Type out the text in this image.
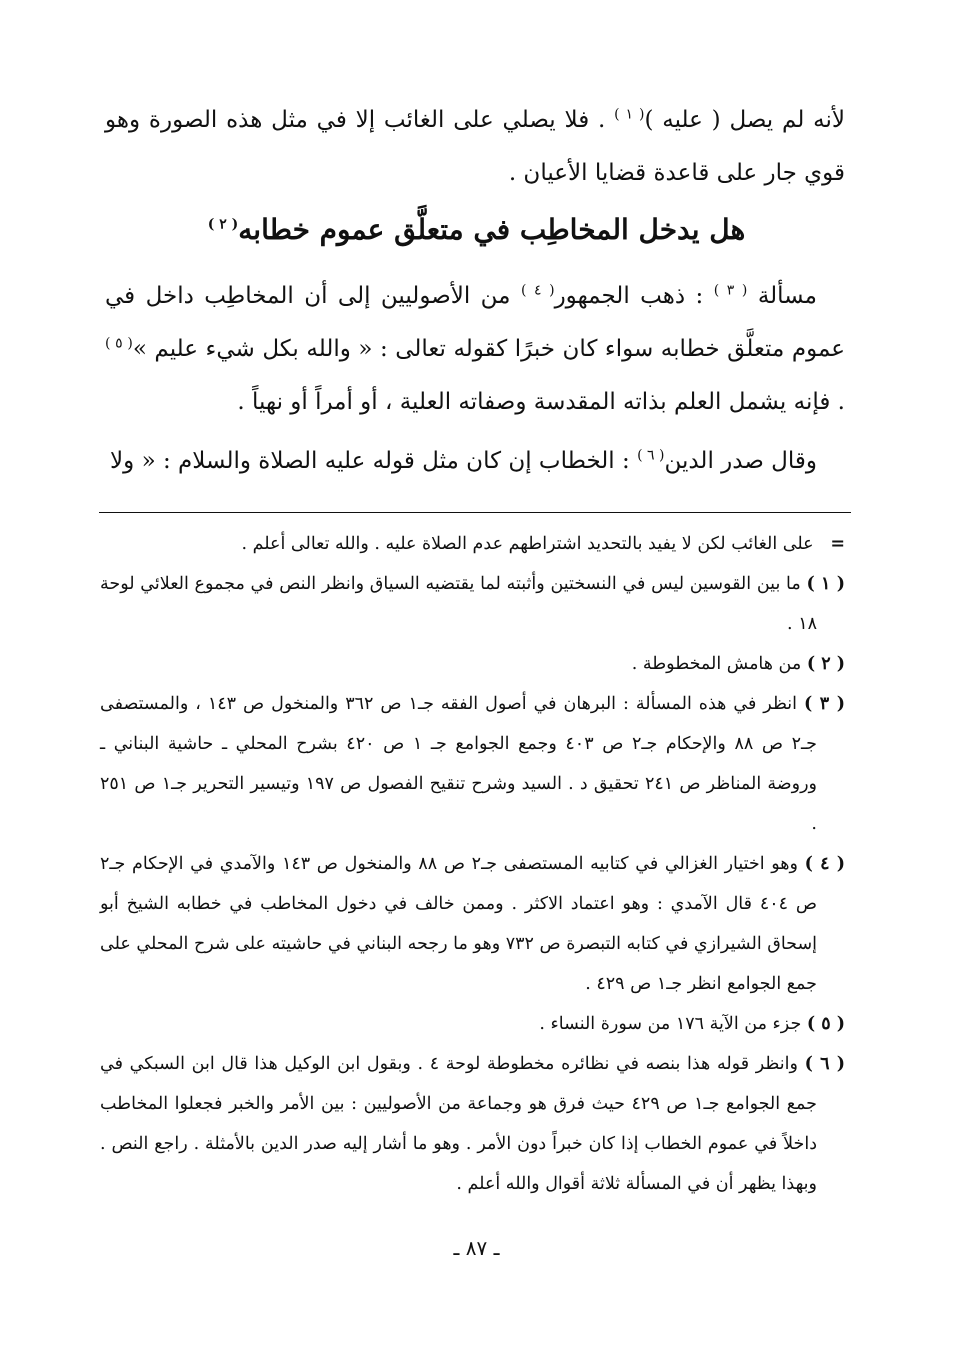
لأنه لم يصل ( عليه )$^{( ١ )}$ . فلا يصلي على الغائب إلا في مثل هذه الصورة وهو قوي جار على قاعدة قضايا الأعيان .

هل يدخل المخاطِب في متعلَّق عموم خطابه$^{( ٢ )}$

مسألة $^{( ٣ )}$ : ذهب الجمهور$^{( ٤ )}$ من الأصوليين إلى أن المخاطِب داخل في عموم متعلَّق خطابه سواء كان خبرًا كقوله تعالى : « والله بكل شيء عليم »$^{( ٥ )}$ . فإنه يشمل العلم بذاته المقدسة وصفاته العلية ، أو أمراً أو نهياً .

وقال صدر الدين$^{( ٦ )}$ : الخطاب إن كان مثل قوله عليه الصلاة والسلام : « ولا

=   على الغائب لكن لا يفيد بالتحديد اشتراطهم عدم الصلاة عليه . والله تعالى أعلم .

( ١ ) ما بين القوسين ليس في النسختين وأثبته لما يقتضيه السياق وانظر النص في مجموع العلائي لوحة ١٨ .

( ٢ ) من هامش المخطوطة .

( ٣ ) انظر في هذه المسألة : البرهان في أصول الفقه جـ١ ص ٣٦٢ والمنخول ص ١٤٣ ، والمستصفى جـ٢ ص ٨٨ والإحكام جـ٢ ص ٤٠٣ وجمع الجوامع جـ ١ ص ٤٢٠ بشرح المحلي ـ حاشية البناني ـ وروضة المناظر ص ٢٤١ تحقيق د . السيد وشرح تنقيح الفصول ص ١٩٧ وتيسير التحرير جـ١ ص ٢٥١ .

( ٤ ) وهو اختيار الغزالي في كتابيه المستصفى جـ٢ ص ٨٨ والمنخول ص ١٤٣ والآمدي في الإحكام جـ٢ ص ٤٠٤ قال الآمدي : وهو اعتماد الاكثر . وممن خالف في دخول المخاطب في خطابه الشيخ أبو إسحاق الشيرازي في كتابه التبصرة ص ٧٣٢ وهو ما رجحه البناني في حاشيته على شرح المحلي على جمع الجوامع انظر جـ١ ص ٤٢٩ .

( ٥ ) جزء من الآية ١٧٦ من سورة النساء .

( ٦ ) وانظر قوله هذا بنصه في نظائره مخطوطة لوحة ٤ . وبقول ابن الوكيل هذا قال ابن السبكي في جمع الجوامع جـ١ ص ٤٢٩ حيث فرق هو وجماعة من الأصوليين : بين الأمر والخبر فجعلوا المخاطب داخلاً في عموم الخطاب إذا كان خبراً دون الأمر . وهو ما أشار إليه صدر الدين بالأمثلة . راجع النص . وبهذا يظهر أن في المسألة ثلاثة أقوال والله أعلم .

ـ ٨٧ ـ
